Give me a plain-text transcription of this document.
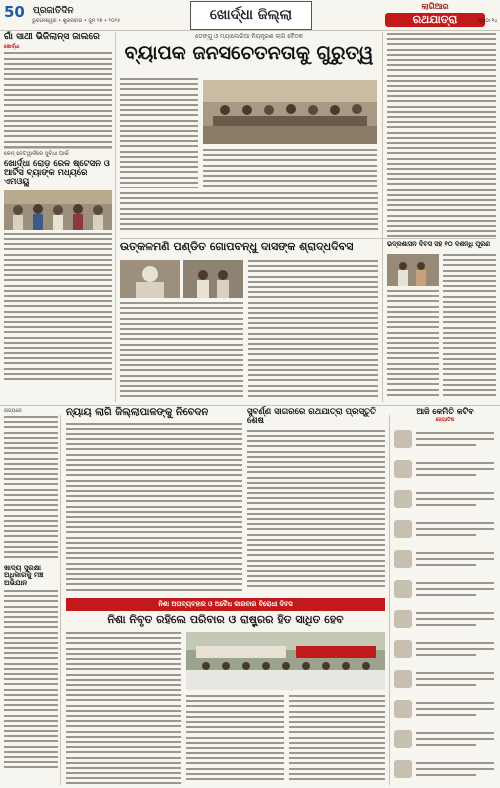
50 ପ୍ରଜାତିଦିନ
ଭୁବନେଶ୍ୱର • ଶୁକ୍ରବାର • ଜୁନ ୨୭ • ୨୦୨୫	ଖୋର୍ଦ୍ଧା ଜିଲ୍ଲା
ଲାଗିଆର
ରଥଯାତ୍ରା	ପୃଷ୍ଠା ୧୪
ଗାଁ ସାଥୀ ଭିଜିଲାନ୍ସ ଜାଲରେ
ଖୋର୍ଦ୍ଧା
କେନ୍ ନେଟୱାର୍କରେ ସୁବିଧା ପାଇଁ
ଖୋର୍ଦ୍ଧା ରୋଡ଼ ରେଳ ଷ୍ଟେସନ ଓ ଆର୍ଟିସ ବ୍ୟାଙ୍କ ମଧ୍ୟରେ ଏମଓୟୁ
ଡେଙ୍ଗୁ ଓ ମ୍ୟାଲେରିଆ ନିୟନ୍ତ୍ରଣ ଲାଗି ବୈଠକ
ବ୍ୟାପକ ଜନସଚେତନତାକୁ ଗୁରୁତ୍ୱ
ଉତ୍କଳମଣି ପଣ୍ଡିତ ଗୋପବନ୍ଧୁ ଦାସଙ୍କ ଶ୍ରାଦ୍ଧଦିବସ	ଭଦ୍ରଶାସନ ଦିବସ ସହ ୧୦ ଦଶନ୍ଧି ପୂରଣ
ରାଜ୍ୟରେ
ଖାଦ୍ୟ ସୁରକ୍ଷା ଅଧିକାରକୁ ମଞ୍ଚ ଅଭିଯାନ
ନ୍ୟାୟ ଲାଗି ଜିଲ୍ଲାପାଳଙ୍କୁ ନିବେଦନ	ସୁବର୍ଣ୍ଣ ସାଗରରେ ରଥଯାତ୍ରା ପ୍ରସ୍ତୁତି ଶେଷ
ନିଶା ଅପବ୍ୟବହାର ଓ ଅବୈଧ କାରବାର ବିରୋଧୀ ଦିବସ
ନିଶା ନିବୃତ ରହିଲେ ପରିବାର ଓ ରାଷ୍ଟ୍ରର ହିତ ସାଧିତ ହେବ
ଆଜି କେମିତି କଟିବ
ଜ୍ୟୋତିଷ
